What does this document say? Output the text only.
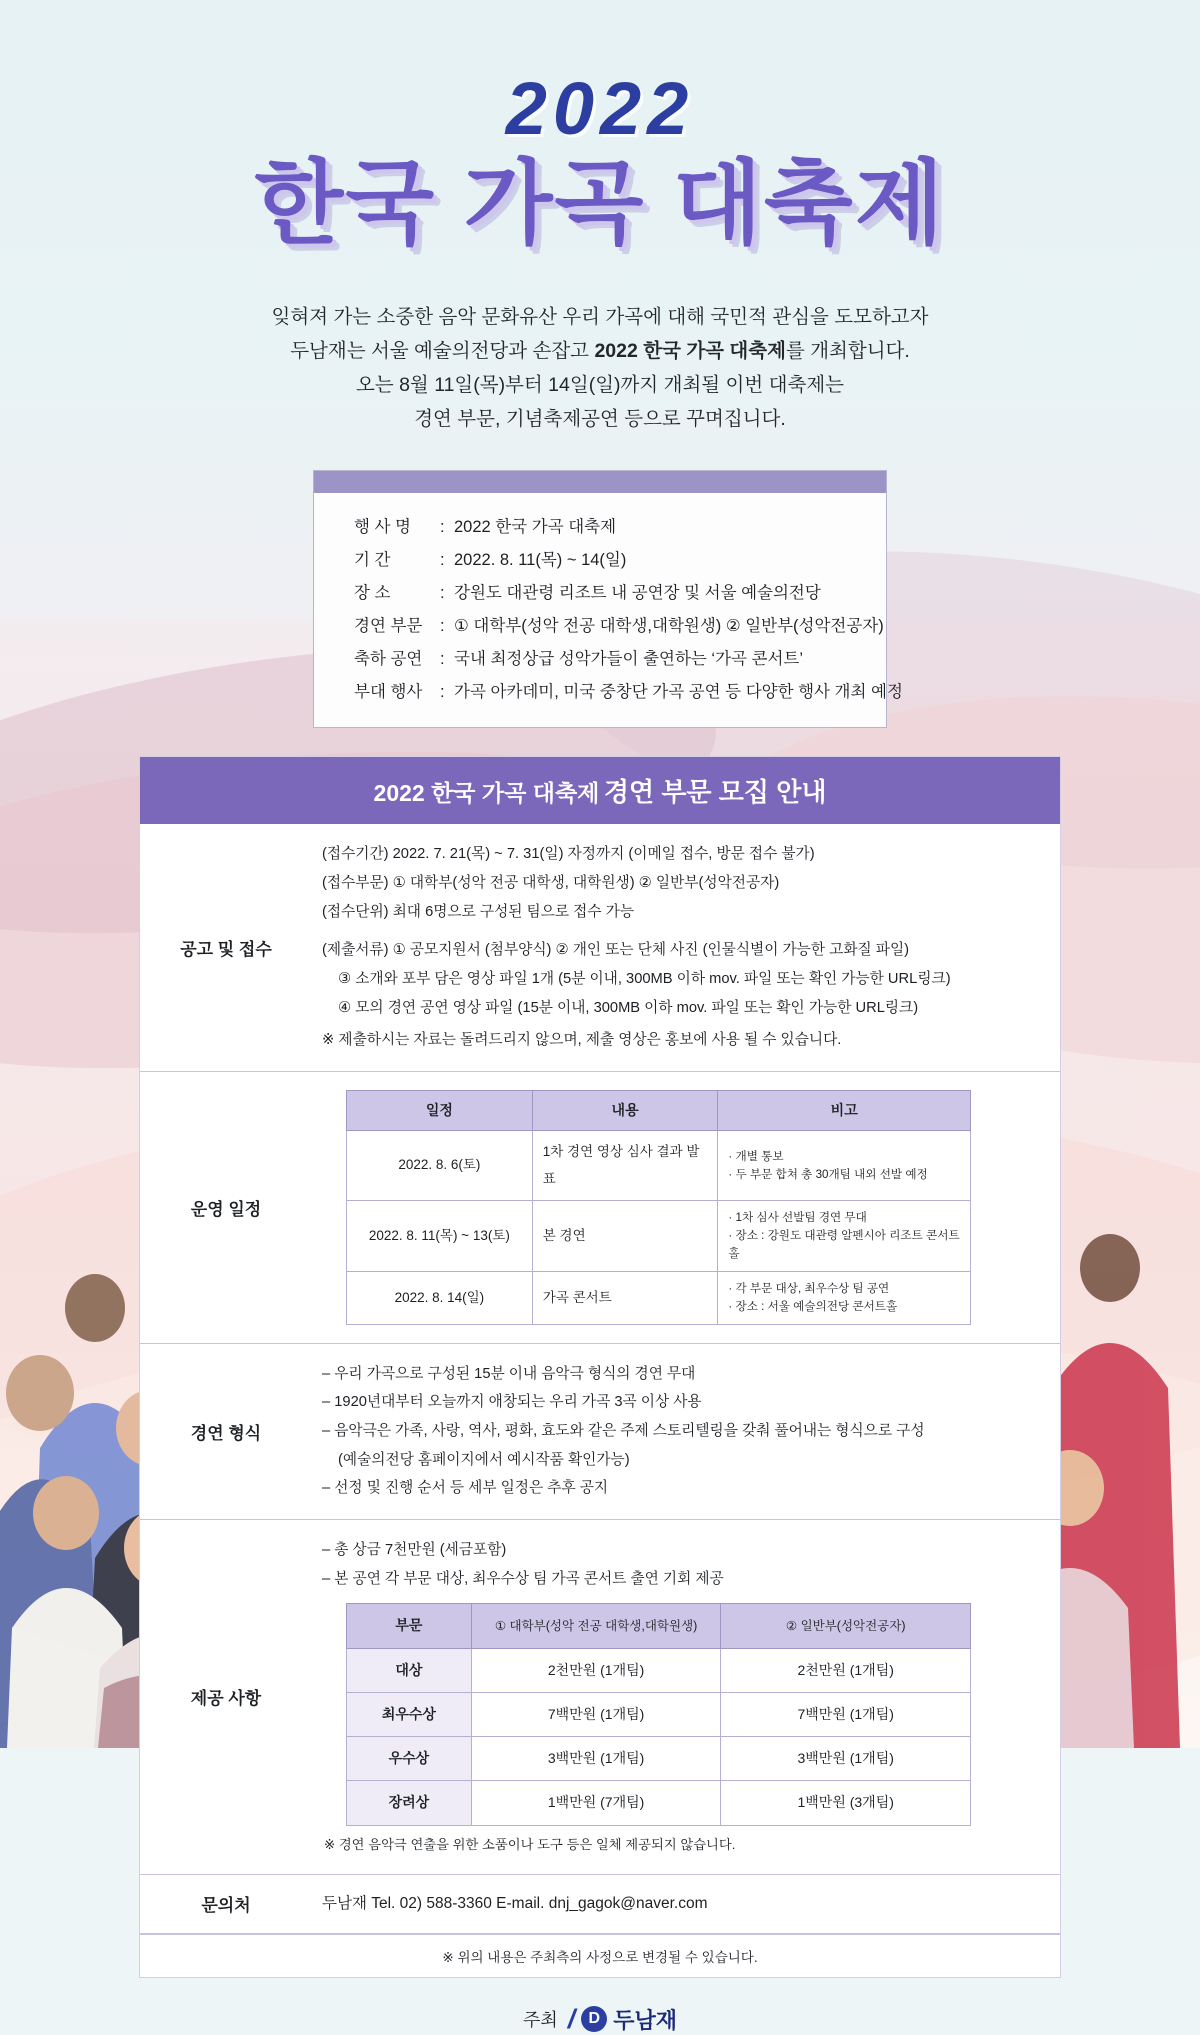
2022
한국 가곡 대축제
잊혀져 가는 소중한 음악 문화유산 우리 가곡에 대해 국민적 관심을 도모하고자
두남재는 서울 예술의전당과 손잡고 2022 한국 가곡 대축제를 개최합니다.
오는 8월 11일(목)부터 14일(일)까지 개최될 이번 대축제는
경연 부문, 기념축제공연 등으로 꾸며집니다.
행 사 명	: 2022 한국 가곡 대축제
기 간	: 2022. 8. 11(목) ~ 14(일)
장 소	: 강원도 대관령 리조트 내 공연장 및 서울 예술의전당
경연 부문	: ① 대학부(성악 전공 대학생,대학원생) ② 일반부(성악전공자)
축하 공연	: 국내 최정상급 성악가들이 출연하는 ‘가곡 콘서트’
부대 행사	: 가곡 아카데미, 미국 중창단 가곡 공연 등 다양한 행사 개최 예정
2022 한국 가곡 대축제 경연 부문 모집 안내
공고 및 접수

(접수기간) 2022. 7. 21(목) ~ 7. 31(일) 자정까지 (이메일 접수, 방문 접수 불가)

(접수부문) ① 대학부(성악 전공 대학생, 대학원생) ② 일반부(성악전공자)

(접수단위) 최대 6명으로 구성된 팀으로 접수 가능

(제출서류) ① 공모지원서 (첨부양식) ② 개인 또는 단체 사진 (인물식별이 가능한 고화질 파일)

③ 소개와 포부 담은 영상 파일 1개 (5분 이내, 300MB 이하 mov. 파일 또는 확인 가능한 URL링크)

④ 모의 경연 공연 영상 파일 (15분 이내, 300MB 이하 mov. 파일 또는 확인 가능한 URL링크)

※ 제출하시는 자료는 돌려드리지 않으며, 제출 영상은 홍보에 사용 될 수 있습니다.

운영 일정
일정	내용	비고
2022. 8. 6(토)	1차 경연 영상 심사 결과 발표	· 개별 통보
· 두 부문 합쳐 총 30개팀 내외 선발 예정

2022. 8. 11(목) ~ 13(토)	본 경연	· 1차 심사 선발팀 경연 무대
· 장소 : 강원도 대관령 알펜시아 리조트 콘서트홀

2022. 8. 14(일)	가곡 콘서트	· 각 부문 대상, 최우수상 팀 공연
· 장소 : 서울 예술의전당 콘서트홀
경연 형식

– 우리 가곡으로 구성된 15분 이내 음악극 형식의 경연 무대

– 1920년대부터 오늘까지 애창되는 우리 가곡 3곡 이상 사용

– 음악극은 가족, 사랑, 역사, 평화, 효도와 같은 주제 스토리텔링을 갖춰 풀어내는 형식으로 구성

(예술의전당 홈페이지에서 예시작품 확인가능)

– 선정 및 진행 순서 등 세부 일정은 추후 공지

제공 사항

– 총 상금 7천만원 (세금포함)

– 본 공연 각 부문 대상, 최우수상 팀 가곡 콘서트 출연 기회 제공

부문	① 대학부(성악 전공 대학생,대학원생)	② 일반부(성악전공자)
대상	2천만원 (1개팀)	2천만원 (1개팀)
최우수상	7백만원 (1개팀)	7백만원 (1개팀)
우수상	3백만원 (1개팀)	3백만원 (1개팀)
장려상	1백만원 (7개팀)	1백만원 (3개팀)

※ 경연 음악극 연출을 위한 소품이나 도구 등은 일체 제공되지 않습니다.

문의처	두남재 Tel. 02) 588-3360 E-mail. dnj_gagok@naver.com
※ 위의 내용은 주최측의 사정으로 변경될 수 있습니다.
주최 / D 두남재
